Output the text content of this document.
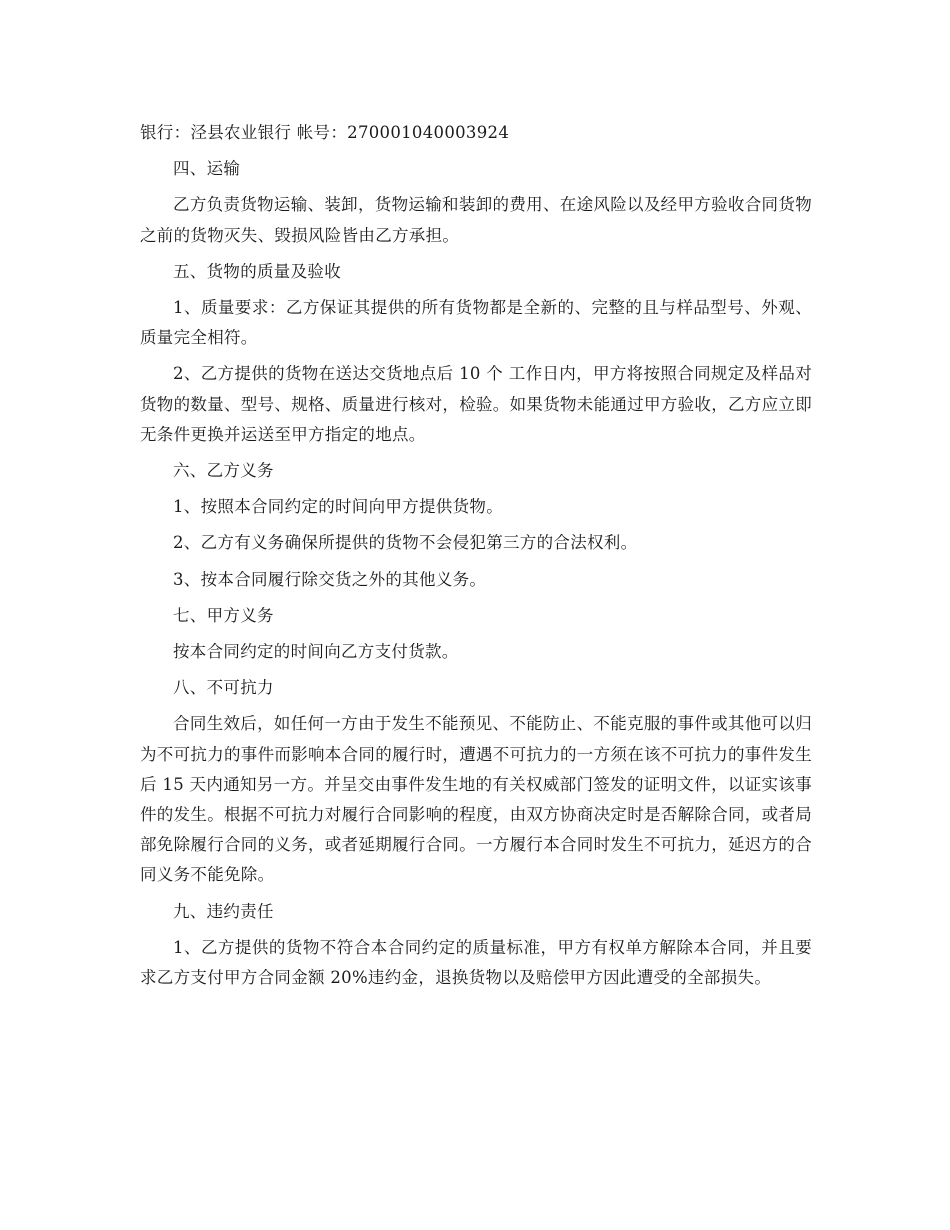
银行：泾县农业银行 帐号：270001040003924

四、运输

乙方负责货物运输、装卸，货物运输和装卸的费用、在途风险以及经甲方验收合同货物之前的货物灭失、毁损风险皆由乙方承担。

五、货物的质量及验收

1、质量要求：乙方保证其提供的所有货物都是全新的、完整的且与样品型号、外观、质量完全相符。

2、乙方提供的货物在送达交货地点后 10 个 工作日内，甲方将按照合同规定及样品对货物的数量、型号、规格、质量进行核对，检验。如果货物未能通过甲方验收，乙方应立即无条件更换并运送至甲方指定的地点。

六、乙方义务

1、按照本合同约定的时间向甲方提供货物。

2、乙方有义务确保所提供的货物不会侵犯第三方的合法权利。

3、按本合同履行除交货之外的其他义务。

七、甲方义务

按本合同约定的时间向乙方支付货款。

八、不可抗力

合同生效后，如任何一方由于发生不能预见、不能防止、不能克服的事件或其他可以归为不可抗力的事件而影响本合同的履行时，遭遇不可抗力的一方须在该不可抗力的事件发生后 15 天内通知另一方。并呈交由事件发生地的有关权威部门签发的证明文件，以证实该事件的发生。根据不可抗力对履行合同影响的程度，由双方协商决定时是否解除合同，或者局部免除履行合同的义务，或者延期履行合同。一方履行本合同时发生不可抗力，延迟方的合同义务不能免除。

九、违约责任

1、乙方提供的货物不符合本合同约定的质量标准，甲方有权单方解除本合同，并且要求乙方支付甲方合同金额 20%违约金，退换货物以及赔偿甲方因此遭受的全部损失。
